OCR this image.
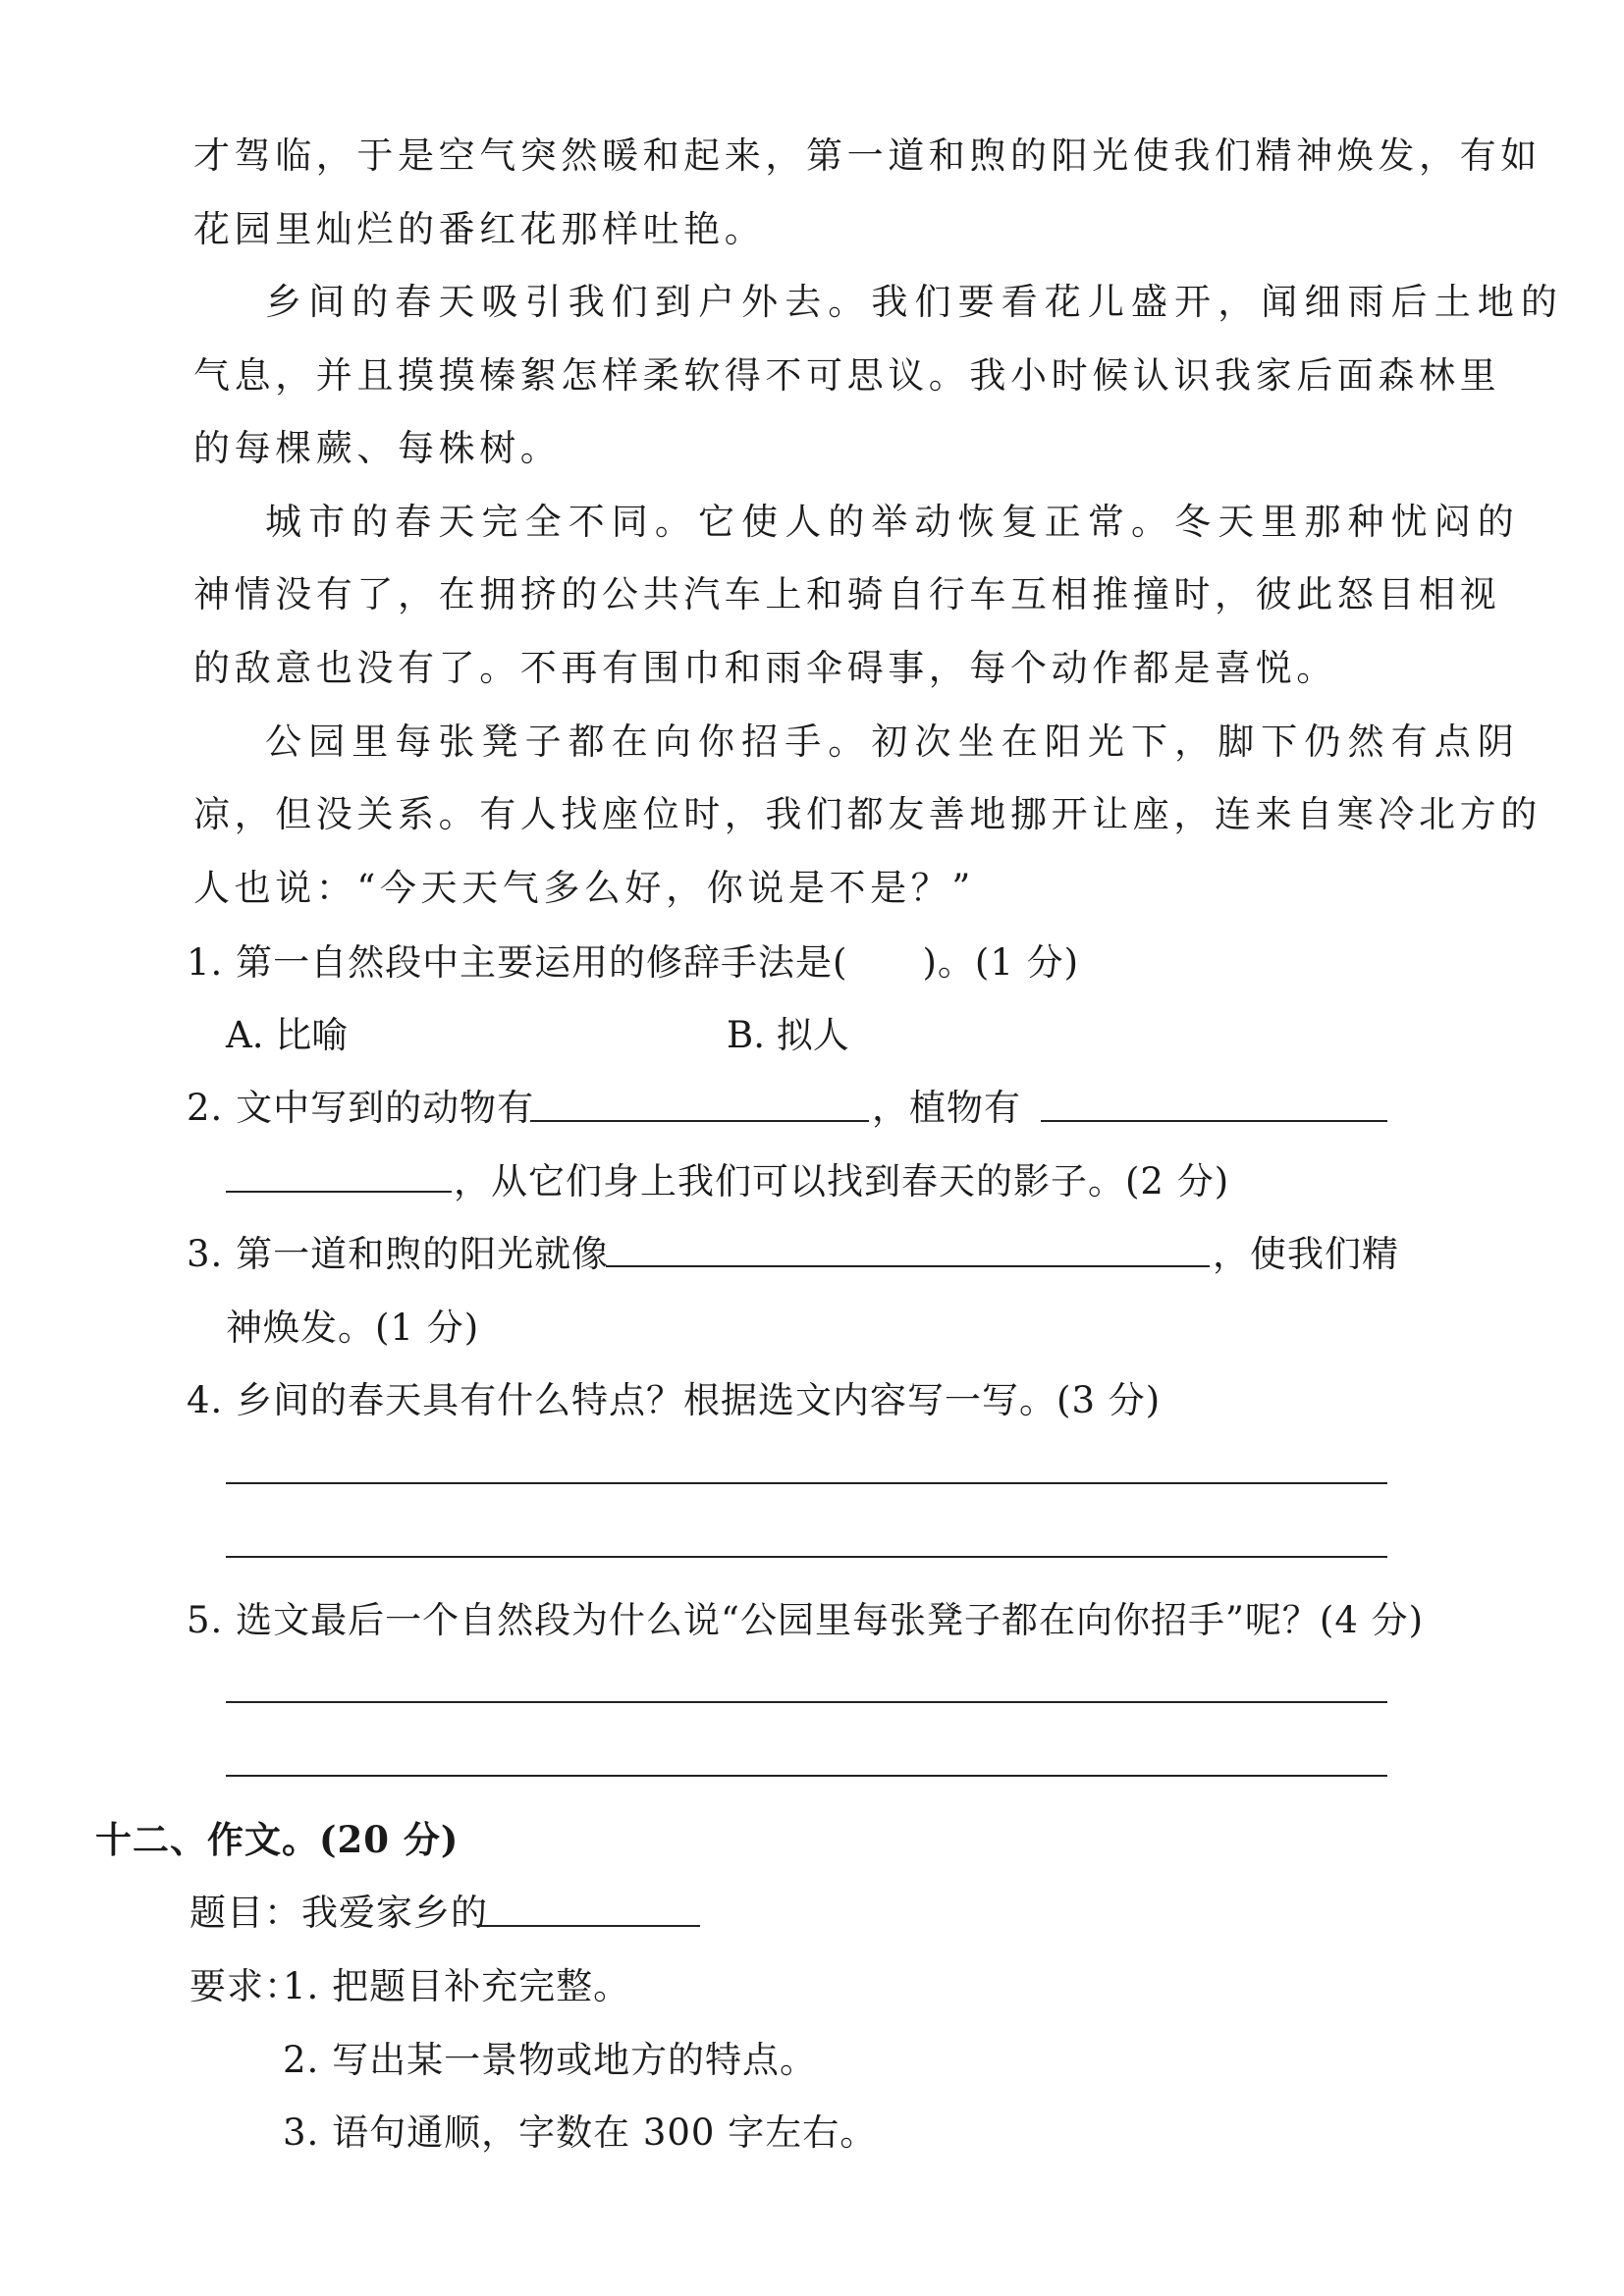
才驾临，于是空气突然暖和起来，第一道和煦的阳光使我们精神焕发，有如
花园里灿烂的番红花那样吐艳。
乡间的春天吸引我们到户外去。我们要看花儿盛开，闻细雨后土地的
气息，并且摸摸榛絮怎样柔软得不可思议。我小时候认识我家后面森林里
的每棵蕨、每株树。
城市的春天完全不同。它使人的举动恢复正常。冬天里那种忧闷的
神情没有了，在拥挤的公共汽车上和骑自行车互相推撞时，彼此怒目相视
的敌意也没有了。不再有围巾和雨伞碍事，每个动作都是喜悦。
公园里每张凳子都在向你招手。初次坐在阳光下，脚下仍然有点阴
凉，但没关系。有人找座位时，我们都友善地挪开让座，连来自寒冷北方的
人也说：“今天天气多么好，你说是不是？”
1. 第一自然段中主要运用的修辞手法是( )。(1 分)
A. 比喻	B. 拟人
2. 文中写到的动物有	，植物有
，从它们身上我们可以找到春天的影子。(2 分)
3. 第一道和煦的阳光就像	，使我们精
神焕发。(1 分)
4. 乡间的春天具有什么特点？根据选文内容写一写。(3 分)
5. 选文最后一个自然段为什么说“公园里每张凳子都在向你招手”呢？(4 分)
十二、作文。(20 分)
题目：我爱家乡的
要求：
1. 把题目补充完整。
2. 写出某一景物或地方的特点。
3. 语句通顺，字数在 300 字左右。
